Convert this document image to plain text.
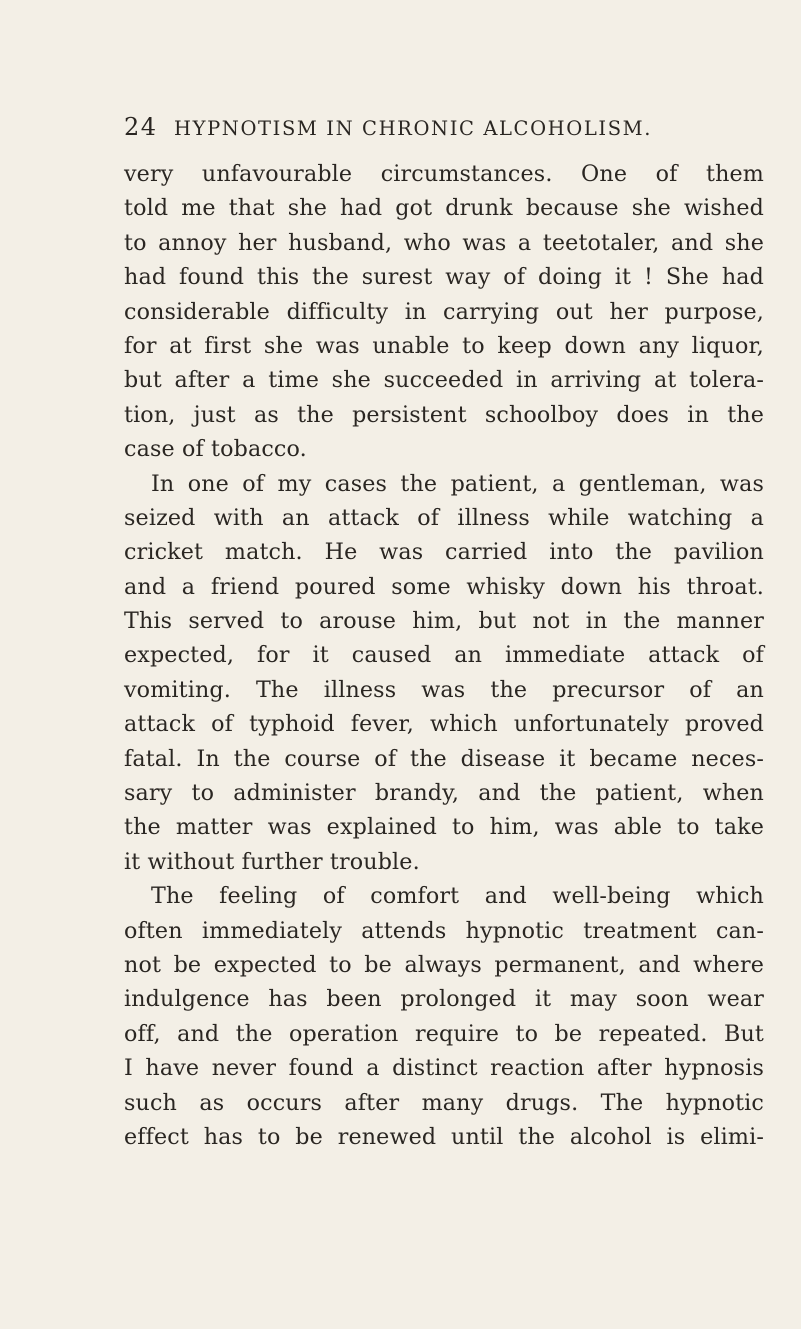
24 HYPNOTISM IN CHRONIC ALCOHOLISM.
very unfavourable circumstances. One of them
told me that she had got drunk because she wished
to annoy her husband, who was a teetotaler, and she
had found this the surest way of doing it ! She had
considerable difficulty in carrying out her purpose,
for at first she was unable to keep down any liquor,
but after a time she succeeded in arriving at tolera-
tion, just as the persistent schoolboy does in the
case of tobacco.
In one of my cases the patient, a gentleman, was
seized with an attack of illness while watching a
cricket match. He was carried into the pavilion
and a friend poured some whisky down his throat.
This served to arouse him, but not in the manner
expected, for it caused an immediate attack of
vomiting. The illness was the precursor of an
attack of typhoid fever, which unfortunately proved
fatal. In the course of the disease it became neces-
sary to administer brandy, and the patient, when
the matter was explained to him, was able to take
it without further trouble.
The feeling of comfort and well-being which
often immediately attends hypnotic treatment can-
not be expected to be always permanent, and where
indulgence has been prolonged it may soon wear
off, and the operation require to be repeated. But
I have never found a distinct reaction after hypnosis
such as occurs after many drugs. The hypnotic
effect has to be renewed until the alcohol is elimi-
